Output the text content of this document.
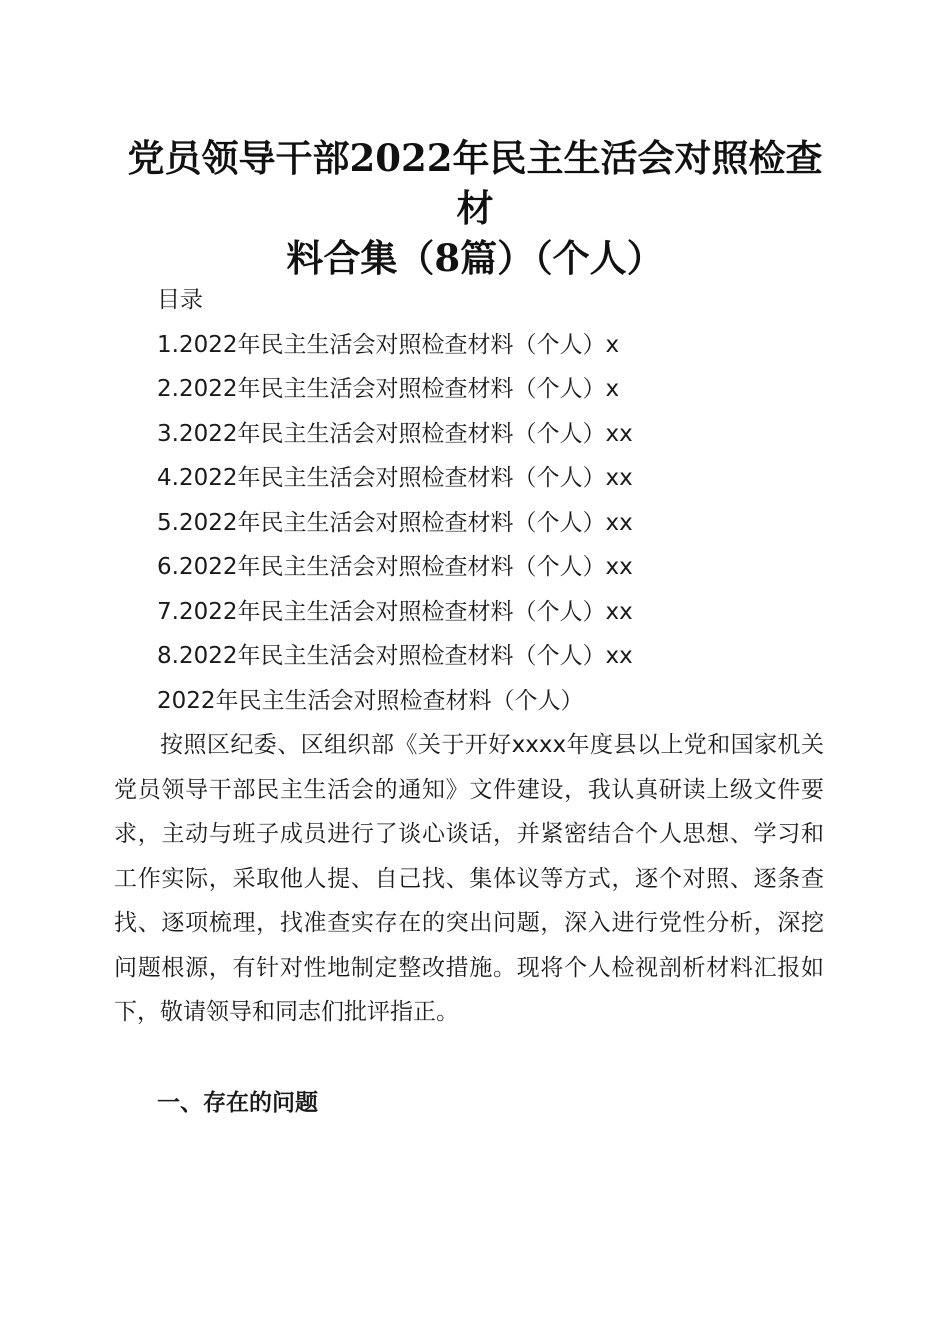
党员领导干部2022年民主生活会对照检查材
料合集（8篇）（个人）
目录
1.2022年民主生活会对照检查材料（个人）x
2.2022年民主生活会对照检查材料（个人）x
3.2022年民主生活会对照检查材料（个人）xx
4.2022年民主生活会对照检查材料（个人）xx
5.2022年民主生活会对照检查材料（个人）xx
6.2022年民主生活会对照检查材料（个人）xx
7.2022年民主生活会对照检查材料（个人）xx
8.2022年民主生活会对照检查材料（个人）xx
2022年民主生活会对照检查材料（个人）

按照区纪委、区组织部《关于开好xxxx年度县以上党和国家机关党员领导干部民主生活会的通知》文件建设，我认真研读上级文件要求，主动与班子成员进行了谈心谈话，并紧密结合个人思想、学习和工作实际，采取他人提、自己找、集体议等方式，逐个对照、逐条查找、逐项梳理，找准查实存在的突出问题，深入进行党性分析，深挖问题根源，有针对性地制定整改措施。现将个人检视剖析材料汇报如下，敬请领导和同志们批评指正。

一、存在的问题
